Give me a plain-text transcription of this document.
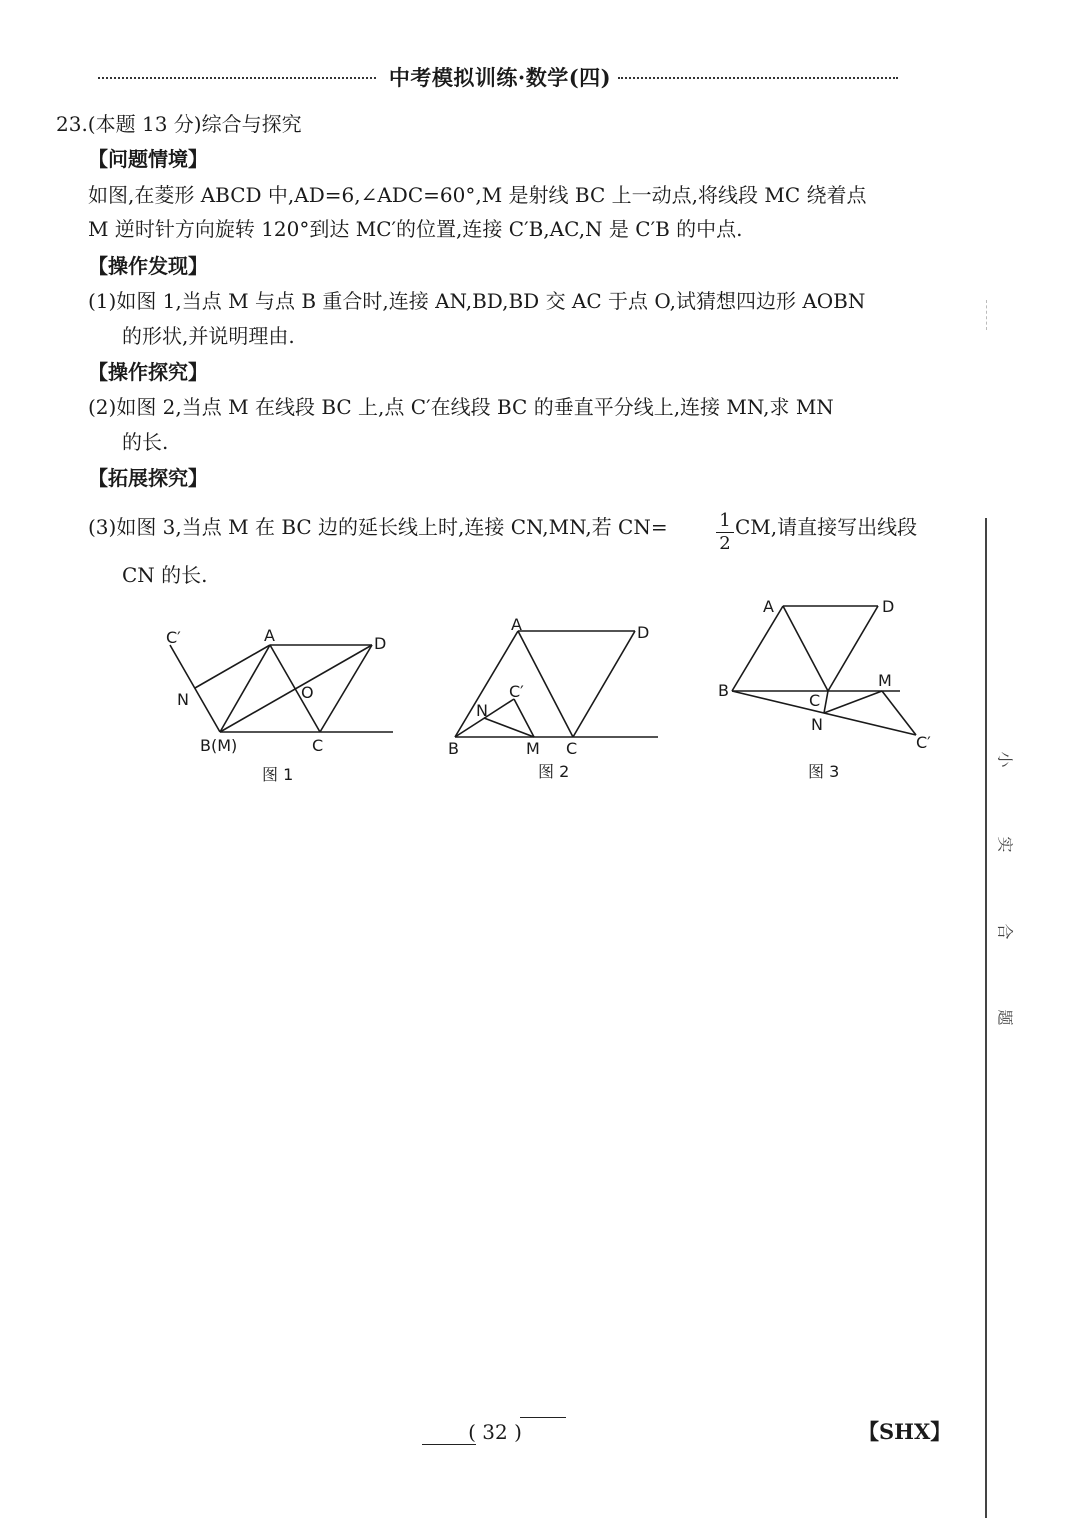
中考模拟训练·数学(四)
23.(本题 13 分)综合与探究
【问题情境】
如图,在菱形 ABCD 中,AD=6,∠ADC=60°,M 是射线 BC 上一动点,将线段 MC 绕着点
M 逆时针方向旋转 120°到达 MC′的位置,连接 C′B,AC,N 是 C′B 的中点.
【操作发现】
(1)如图 1,当点 M 与点 B 重合时,连接 AN,BD,BD 交 AC 于点 O,试猜想四边形 AOBN
的形状,并说明理由.
【操作探究】
(2)如图 2,当点 M 在线段 BC 上,点 C′在线段 BC 的垂直平分线上,连接 MN,求 MN
的长.
【拓展探究】
(3)如图 3,当点 M 在 BC 边的延长线上时,连接 CN,MN,若 CN=	1
2
CM,请直接写出线段
CN 的长.
C′	A	D
N	O
B(M)	C
图 1
A	D
C′
N
B	M C
图 2
A	D
B
C
M
N
C′
图 3
小
实
合
题
( 32 )	【SHX】
